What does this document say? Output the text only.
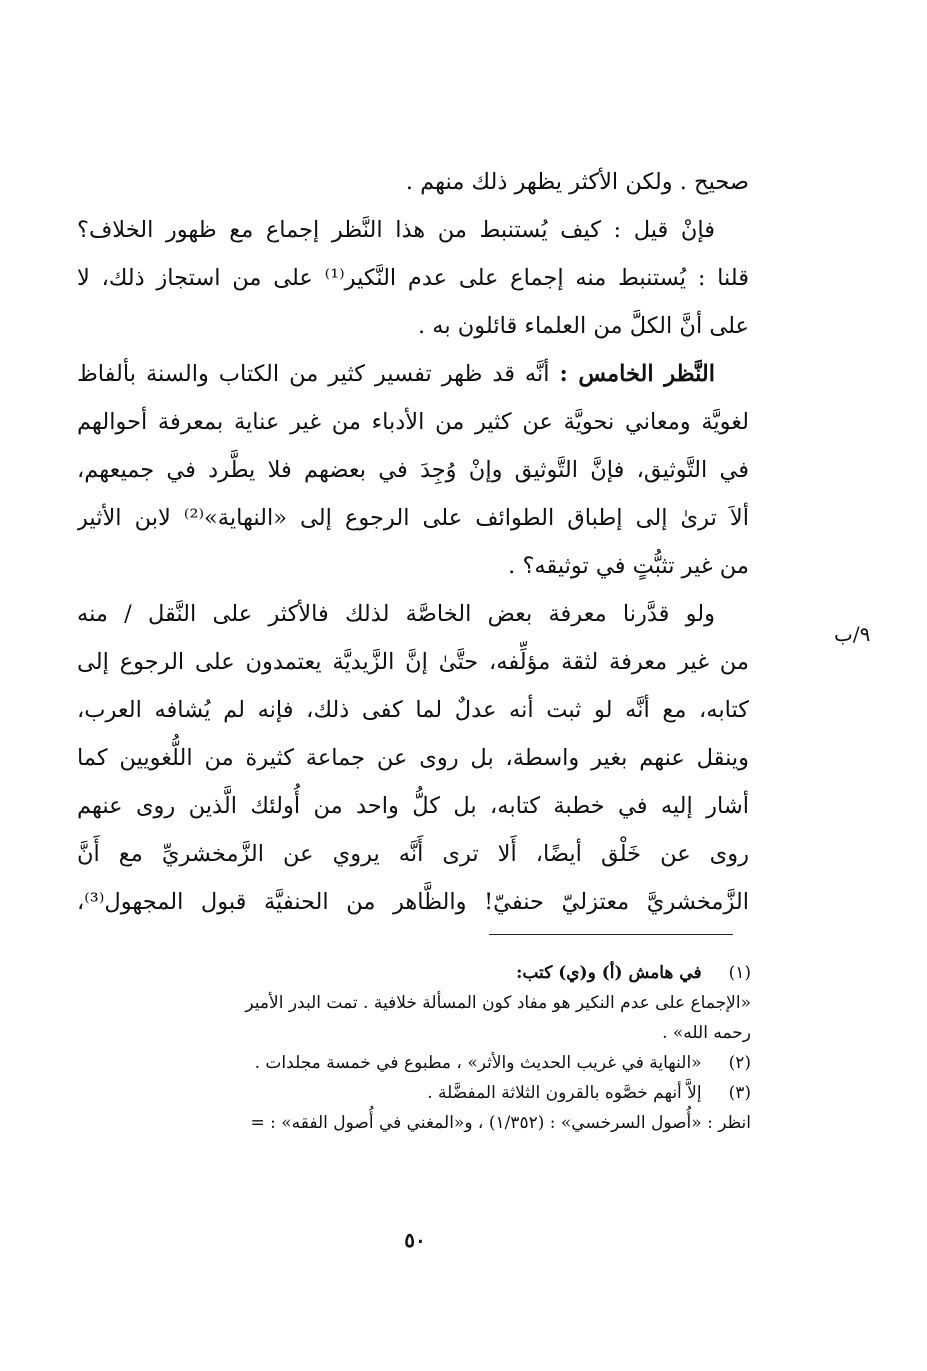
صحيح . ولكن الأكثر يظهر ذلك منهم .
فإنْ قيل : كيف يُستنبط من هذا النَّظر إجماع مع ظهور الخلاف؟
قلنا : يُستنبط منه إجماع على عدم النَّكير⁽¹⁾ على من استجاز ذلك، لا
على أنَّ الكلَّ من العلماء قائلون به .
النَّظر الخامس : أنَّه قد ظهر تفسير كثير من الكتاب والسنة بألفاظ
لغويَّة ومعاني نحويَّة عن كثير من الأدباء من غير عناية بمعرفة أحوالهم
في التَّوثيق، فإنَّ التَّوثيق وإنْ وُجِدَ في بعضهم فلا يطَّرد في جميعهم،
ألاَ ترىٰ إلى إطباق الطوائف على الرجوع إلى «النهاية»⁽²⁾ لابن الأثير
من غير تثبُّتٍ في توثيقه؟ .
ولو قدَّرنا معرفة بعض الخاصَّة لذلك فالأكثر على النَّقل / منه
من غير معرفة لثقة مؤلِّفه، حتَّىٰ إنَّ الزَّيديَّة يعتمدون على الرجوع إلى
كتابه، مع أنَّه لو ثبت أنه عدلٌ لما كفى ذلك، فإنه لم يُشافه العرب،
وينقل عنهم بغير واسطة، بل روى عن جماعة كثيرة من اللُّغويين كما
أشار إليه في خطبة كتابه، بل كلُّ واحد من أُولئك الَّذين روى عنهم
روى عن خَلْق أيضًا، أَلا ترى أَنَّه يروي عن الزَّمخشريِّ مع أَنَّ
الزَّمخشريَّ معتزليّ حنفيّ! والظَّاهر من الحنفيَّة قبول المجهول⁽³⁾،
٩/ب
(١) في هامش (أ) و(ي) كتب:
«الإجماع على عدم النكير هو مفاد كون المسألة خلافية . تمت البدر الأمير
رحمه الله» .
(٢) «النهاية في غريب الحديث والأثر» ، مطبوع في خمسة مجلدات .
(٣) إلاَّ أنهم خصَّوه بالقرون الثلاثة المفضَّلة .
انظر : «أُصول السرخسي» : (١/٣٥٢) ، و«المغني في أُصول الفقه» : =
٥٠
